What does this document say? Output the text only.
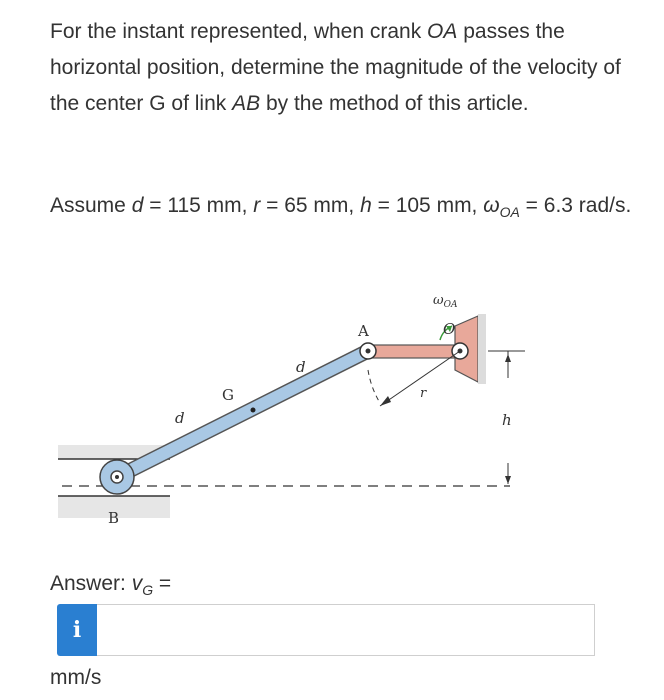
For the instant represented, when crank OA passes the horizontal position, determine the magnitude of the velocity of the center G of link AB by the method of this article.
Assume d = 115 mm, r = 65 mm, h = 105 mm, $\omega_{OA} = 6.3$ rad/s.
$\omega_{OA}$
O
A
d
G
d
r
h
B
Answer: $v_G$ =
i
mm/s
